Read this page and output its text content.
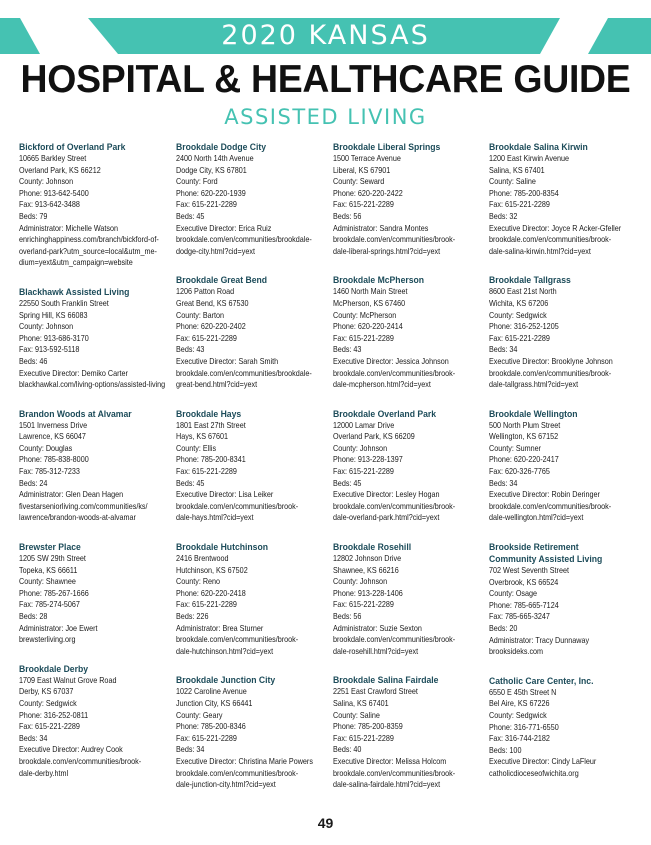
2020 KANSAS
HOSPITAL & HEALTHCARE GUIDE
ASSISTED LIVING
Bickford of Overland Park
10665 Barkley Street
Overland Park, KS 66212
County: Johnson
Phone: 913-642-5400
Fax: 913-642-3488
Beds: 79
Administrator: Michelle Watson
enrichinghappiness.com/branch/bickford-of-
overland-park?utm_source=local&utm_me-
dium=yext&utm_campaign=website
Blackhawk Assisted Living
22550 South Franklin Street
Spring Hill, KS 66083
County: Johnson
Phone: 913-686-3170
Fax: 913-592-5118
Beds: 46
Executive Director: Demiko Carter
blackhawkal.com/living-options/assisted-living
Brandon Woods at Alvamar
1501 Inverness Drive
Lawrence, KS 66047
County: Douglas
Phone: 785-838-8000
Fax: 785-312-7233
Beds: 24
Administrator: Glen Dean Hagen
fivestarseniorliving.com/communities/ks/
lawrence/brandon-woods-at-alvamar
Brewster Place
1205 SW 29th Street
Topeka, KS 66611
County: Shawnee
Phone: 785-267-1666
Fax: 785-274-5067
Beds: 28
Administrator: Joe Ewert
brewsterliving.org
Brookdale Derby
1709 East Walnut Grove Road
Derby, KS 67037
County: Sedgwick
Phone: 316-252-0811
Fax: 615-221-2289
Beds: 34
Executive Director: Audrey Cook
brookdale.com/en/communities/brook-
dale-derby.html
Brookdale Dodge City
2400 North 14th Avenue
Dodge City, KS 67801
County: Ford
Phone: 620-220-1939
Fax: 615-221-2289
Beds: 45
Executive Director: Erica Ruiz
brookdale.com/en/communities/brookdale-
dodge-city.html?cid=yext
Brookdale Great Bend
1206 Patton Road
Great Bend, KS 67530
County: Barton
Phone: 620-220-2402
Fax: 615-221-2289
Beds: 43
Executive Director: Sarah Smith
brookdale.com/en/communities/brookdale-
great-bend.html?cid=yext
Brookdale Hays
1801 East 27th Street
Hays, KS 67601
County: Ellis
Phone: 785-200-8341
Fax: 615-221-2289
Beds: 45
Executive Director: Lisa Leiker
brookdale.com/en/communities/brook-
dale-hays.html?cid=yext
Brookdale Hutchinson
2416 Brentwood
Hutchinson, KS 67502
County: Reno
Phone: 620-220-2418
Fax: 615-221-2289
Beds: 226
Administrator: Brea Sturner
brookdale.com/en/communities/brook-
dale-hutchinson.html?cid=yext
Brookdale Junction City
1022 Caroline Avenue
Junction City, KS 66441
County: Geary
Phone: 785-200-8346
Fax: 615-221-2289
Beds: 34
Executive Director: Christina Marie Powers
brookdale.com/en/communities/brook-
dale-junction-city.html?cid=yext
Brookdale Liberal Springs
1500 Terrace Avenue
Liberal, KS 67901
County: Seward
Phone: 620-220-2422
Fax: 615-221-2289
Beds: 56
Administrator: Sandra Montes
brookdale.com/en/communities/brook-
dale-liberal-springs.html?cid=yext
Brookdale McPherson
1460 North Main Street
McPherson, KS 67460
County: McPherson
Phone: 620-220-2414
Fax: 615-221-2289
Beds: 43
Executive Director: Jessica Johnson
brookdale.com/en/communities/brook-
dale-mcpherson.html?cid=yext
Brookdale Overland Park
12000 Lamar Drive
Overland Park, KS 66209
County: Johnson
Phone: 913-228-1397
Fax: 615-221-2289
Beds: 45
Executive Director: Lesley Hogan
brookdale.com/en/communities/brook-
dale-overland-park.html?cid=yext
Brookdale Rosehill
12802 Johnson Drive
Shawnee, KS 66216
County: Johnson
Phone: 913-228-1406
Fax: 615-221-2289
Beds: 56
Administrator: Suzie Sexton
brookdale.com/en/communities/brook-
dale-rosehill.html?cid=yext
Brookdale Salina Fairdale
2251 East Crawford Street
Salina, KS 67401
County: Saline
Phone: 785-200-8359
Fax: 615-221-2289
Beds: 40
Executive Director: Melissa Holcom
brookdale.com/en/communities/brook-
dale-salina-fairdale.html?cid=yext
Brookdale Salina Kirwin
1200 East Kirwin Avenue
Salina, KS 67401
County: Saline
Phone: 785-200-8354
Fax: 615-221-2289
Beds: 32
Executive Director: Joyce R Acker-Gfeller
brookdale.com/en/communities/brook-
dale-salina-kirwin.html?cid=yext
Brookdale Tallgrass
8600 East 21st North
Wichita, KS 67206
County: Sedgwick
Phone: 316-252-1205
Fax: 615-221-2289
Beds: 34
Executive Director: Brooklyne Johnson
brookdale.com/en/communities/brook-
dale-tallgrass.html?cid=yext
Brookdale Wellington
500 North Plum Street
Wellington, KS 67152
County: Sumner
Phone: 620-220-2417
Fax: 620-326-7765
Beds: 34
Executive Director: Robin Deringer
brookdale.com/en/communities/brook-
dale-wellington.html?cid=yext
Brookside Retirement Community Assisted Living
702 West Seventh Street
Overbrook, KS 66524
County: Osage
Phone: 785-665-7124
Fax: 785-665-3247
Beds: 20
Administrator: Tracy Dunnaway
brooksideks.com
Catholic Care Center, Inc.
6550 E 45th Street N
Bel Aire, KS 67226
County: Sedgwick
Phone: 316-771-6550
Fax: 316-744-2182
Beds: 100
Executive Director: Cindy LaFleur
catholicdioceseofwichita.org
49
